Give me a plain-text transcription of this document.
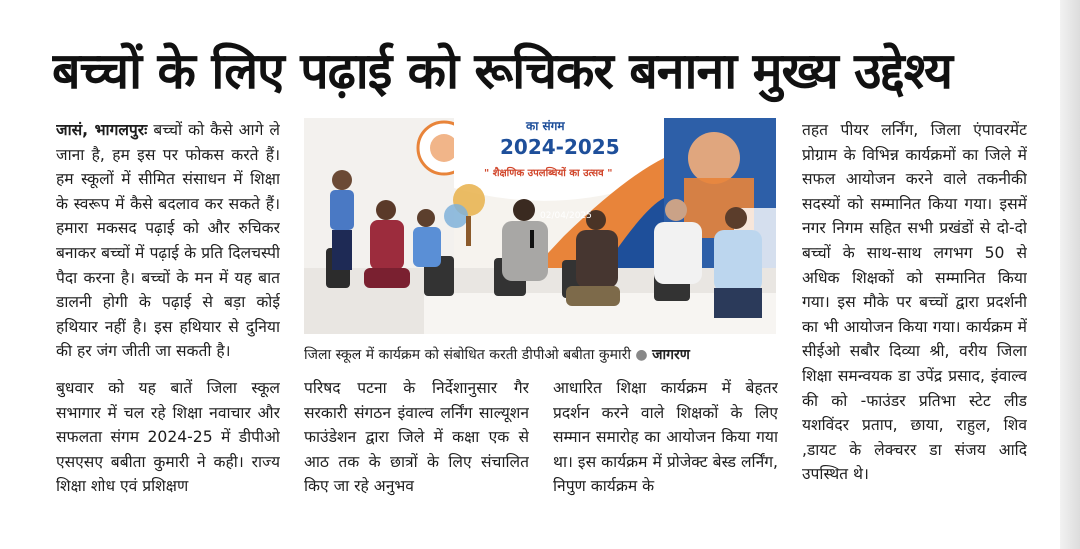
बच्चों के लिए पढ़ाई को रूचिकर बनाना मुख्य उद्देश्य
जासं, भागलपुरः बच्चों को कैसे आगे ले जाना है, हम इस पर फोकस करते हैं। हम स्कूलों में सीमित संसाधन में शिक्षा के स्वरूप में कैसे बदलाव कर सकते हैं। हमारा मकसद पढ़ाई को और रुचिकर बनाकर बच्चों में पढ़ाई के प्रति दिलचस्पी पैदा करना है। बच्चों के मन में यह बात डालनी होगी के पढ़ाई से बड़ा कोई हथियार नहीं है। इस हथियार से दुनिया की हर जंग जीती जा सकती है।
का संगम
2024-2025
" शैक्षणिक उपलब्धियों का उत्सव "
02/04/2025
जिला स्कूल में कार्यक्रम को संबोधित करती डीपीओ बबीता कुमारी ● जागरण
बुधवार को यह बातें जिला स्कूल सभागार में चल रहे शिक्षा नवाचार और सफलता संगम 2024-25 में डीपीओ एसएसए बबीता कुमारी ने कही। राज्य शिक्षा शोध एवं प्रशिक्षण
परिषद पटना के निर्देशानुसार गैर सरकारी संगठन इंवाल्व लर्निंग साल्यूशन फाउंडेशन द्वारा जिले में कक्षा एक से आठ तक के छात्रों के लिए संचालित किए जा रहे अनुभव
आधारित शिक्षा कार्यक्रम में बेहतर प्रदर्शन करने वाले शिक्षकों के लिए सम्मान समारोह का आयोजन किया गया था। इस कार्यक्रम में प्रोजेक्ट बेस्ड लर्निंग, निपुण कार्यक्रम के
तहत पीयर लर्निंग, जिला एंपावरमेंट प्रोग्राम के विभिन्न कार्यक्रमों का जिले में सफल आयोजन करने वाले तकनीकी सदस्यों को सम्मानित किया गया। इसमें नगर निगम सहित सभी प्रखंडों से दो-दो बच्चों के साथ-साथ लगभग 50 से अधिक शिक्षकों को सम्मानित किया गया। इस मौके पर बच्चों द्वारा प्रदर्शनी का भी आयोजन किया गया। कार्यक्रम में सीईओ सबौर दिव्या श्री, वरीय जिला शिक्षा समन्वयक डा उपेंद्र प्रसाद, इंवाल्व की को -फाउंडर प्रतिभा स्टेट लीड यशविंदर प्रताप, छाया, राहुल, शिव ,डायट के लेक्चरर डा संजय आदि उपस्थित थे।
